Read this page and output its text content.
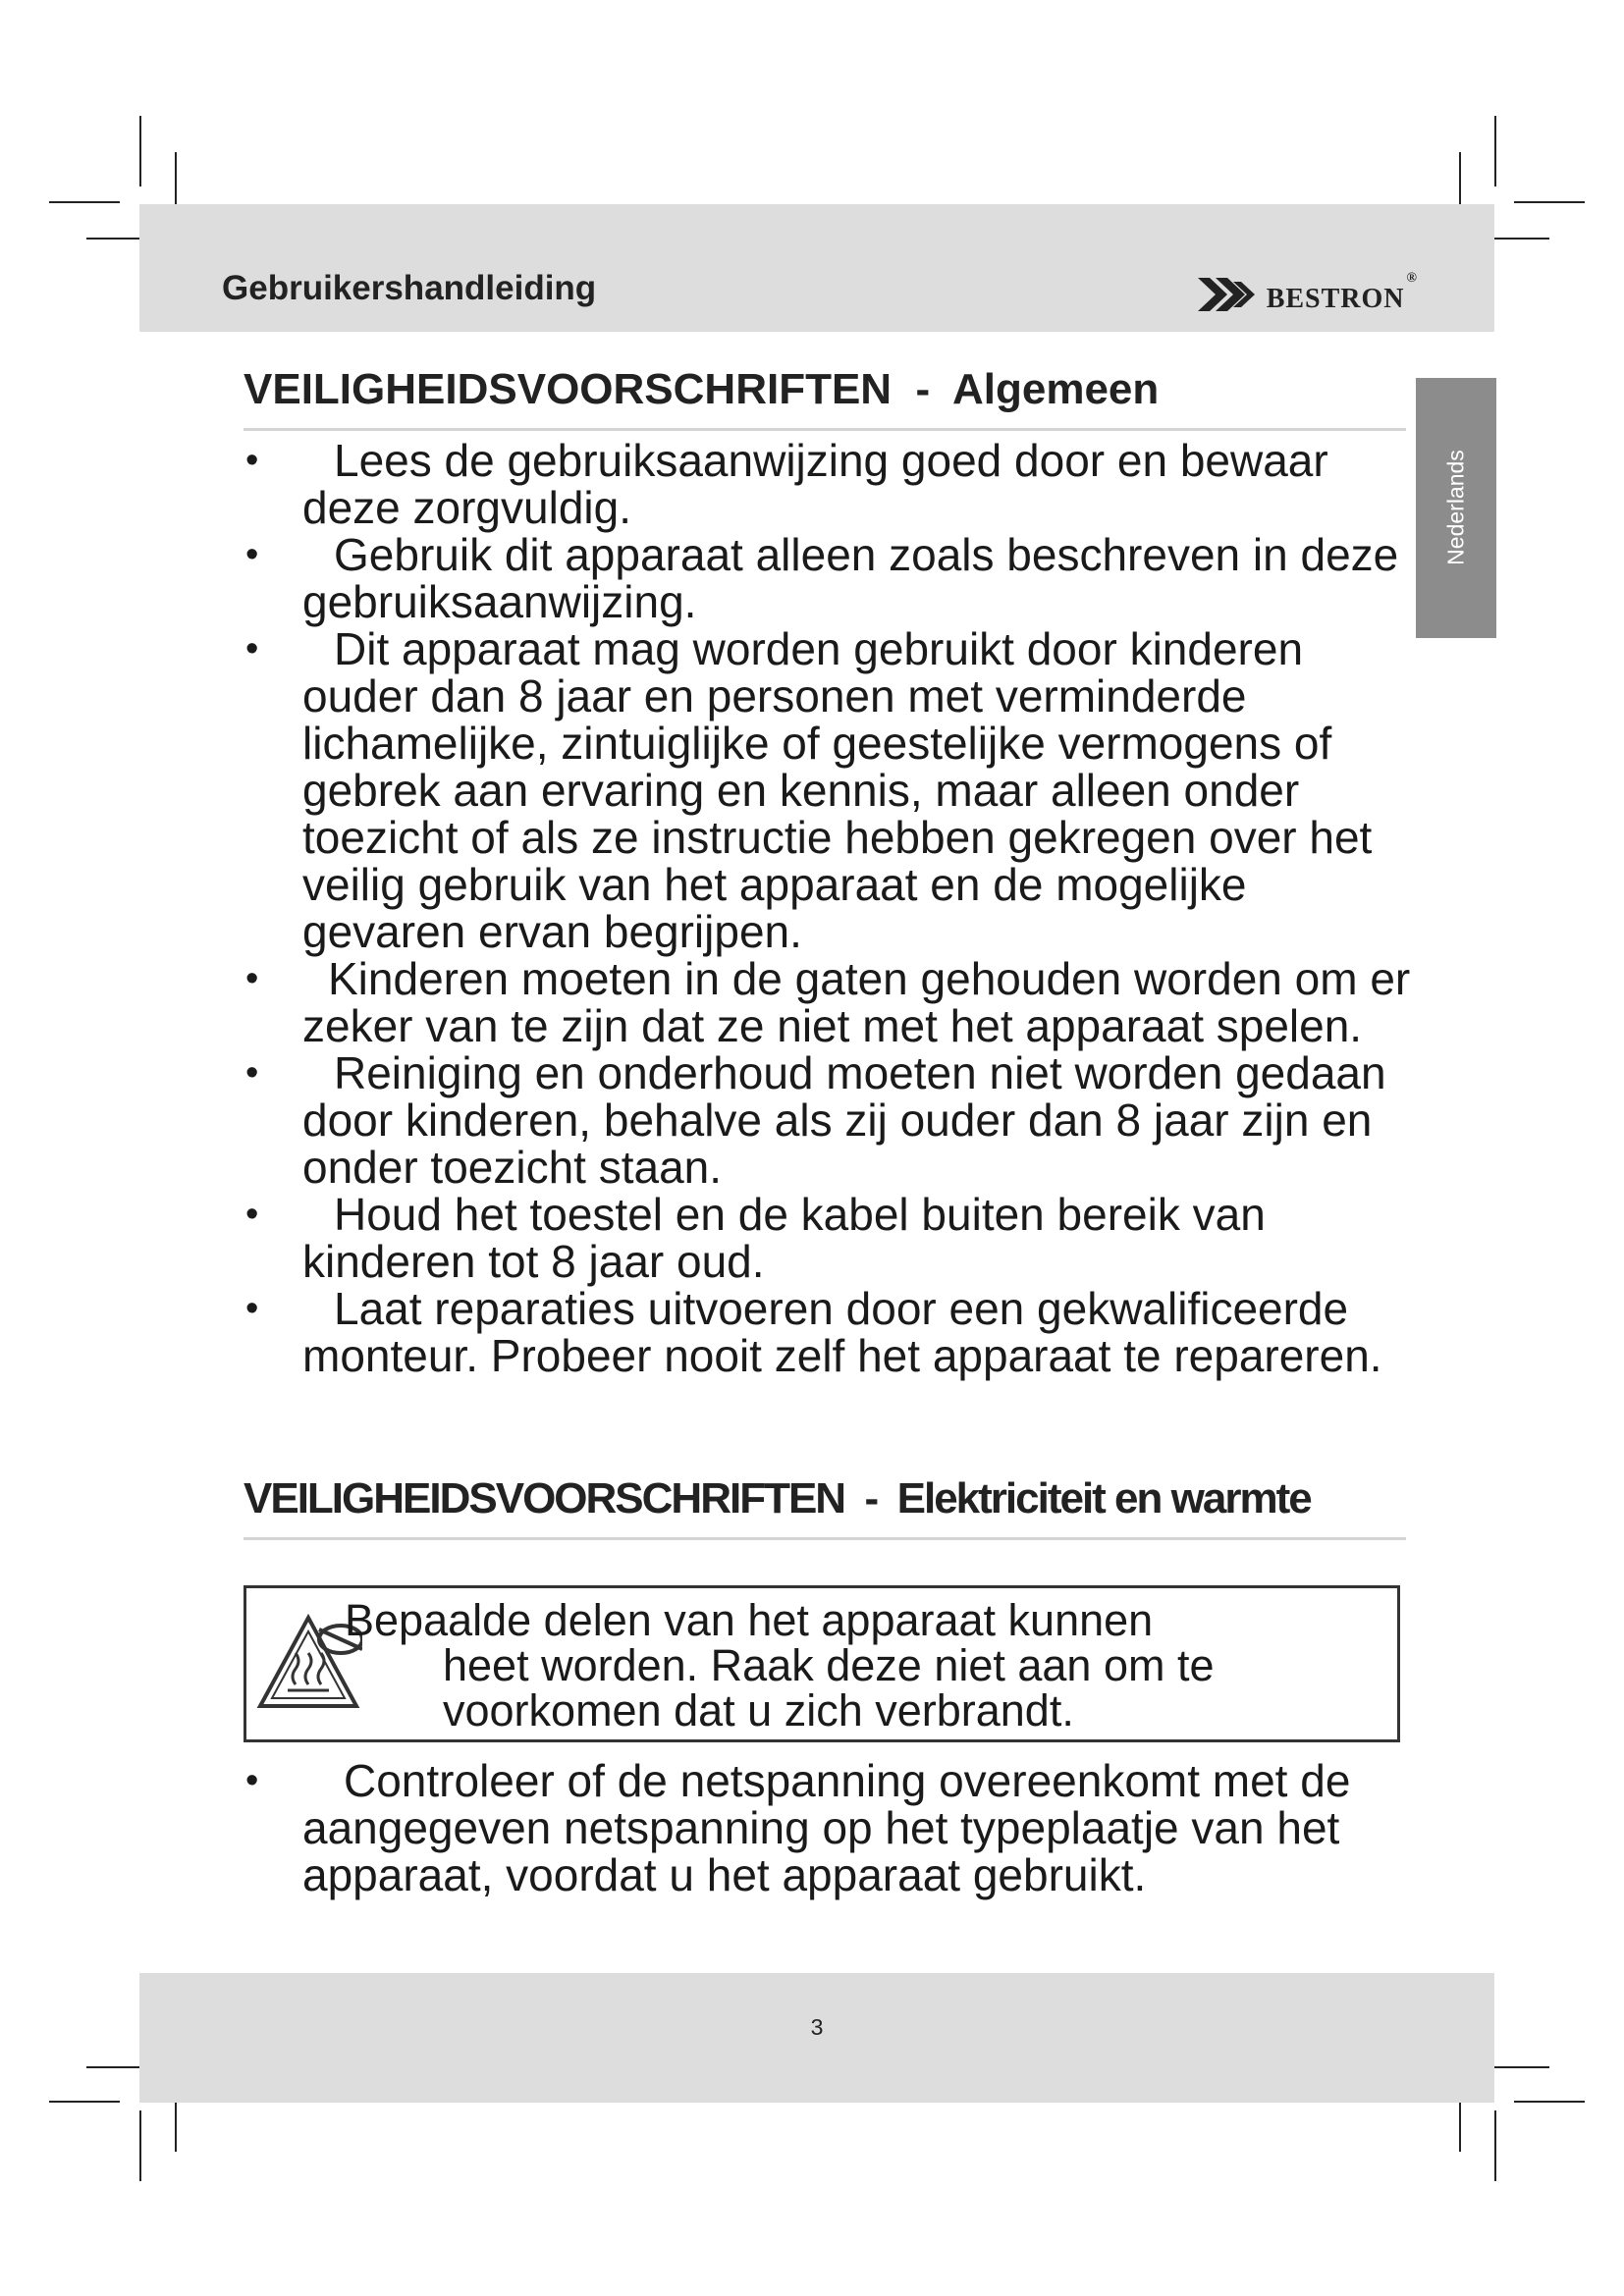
Gebruikershandleiding	bestron ®
Nederlands
VEILIGHEIDSVOORSCHRIFTEN  -  Algemeen
• Lees de gebruiksaanwijzing goed door en bewaar deze zorgvuldig.
• Gebruik dit apparaat alleen zoals beschreven in deze gebruiksaanwijzing.
• Dit apparaat mag worden gebruikt door kinderen ouder dan 8 jaar en personen met verminderde lichamelijke, zintuiglijke of geestelijke vermogens of gebrek aan ervaring en kennis, maar alleen onder toezicht of als ze instructie hebben gekregen over het veilig gebruik van het apparaat en de mogelijke gevaren ervan begrijpen.
• Kinderen moeten in de gaten gehouden worden om er zeker van te zijn dat ze niet met het apparaat spelen.
• Reiniging en onderhoud moeten niet worden gedaan door kinderen, behalve als zij ouder dan 8 jaar zijn en onder toezicht staan.
• Houd het toestel en de kabel buiten bereik van kinderen tot 8 jaar oud.
• Laat reparaties uitvoeren door een gekwalificeerde monteur. Probeer nooit zelf het apparaat te repareren.
VEILIGHEIDSVOORSCHRIFTEN  -  Elektriciteit en warmte
Bepaalde delen van het apparaat kunnen
heet worden. Raak deze niet aan om te
voorkomen dat u zich verbrandt.
• Controleer of de netspanning overeenkomt met de aangegeven netspanning op het typeplaatje van het apparaat, voordat u het apparaat gebruikt.
3
